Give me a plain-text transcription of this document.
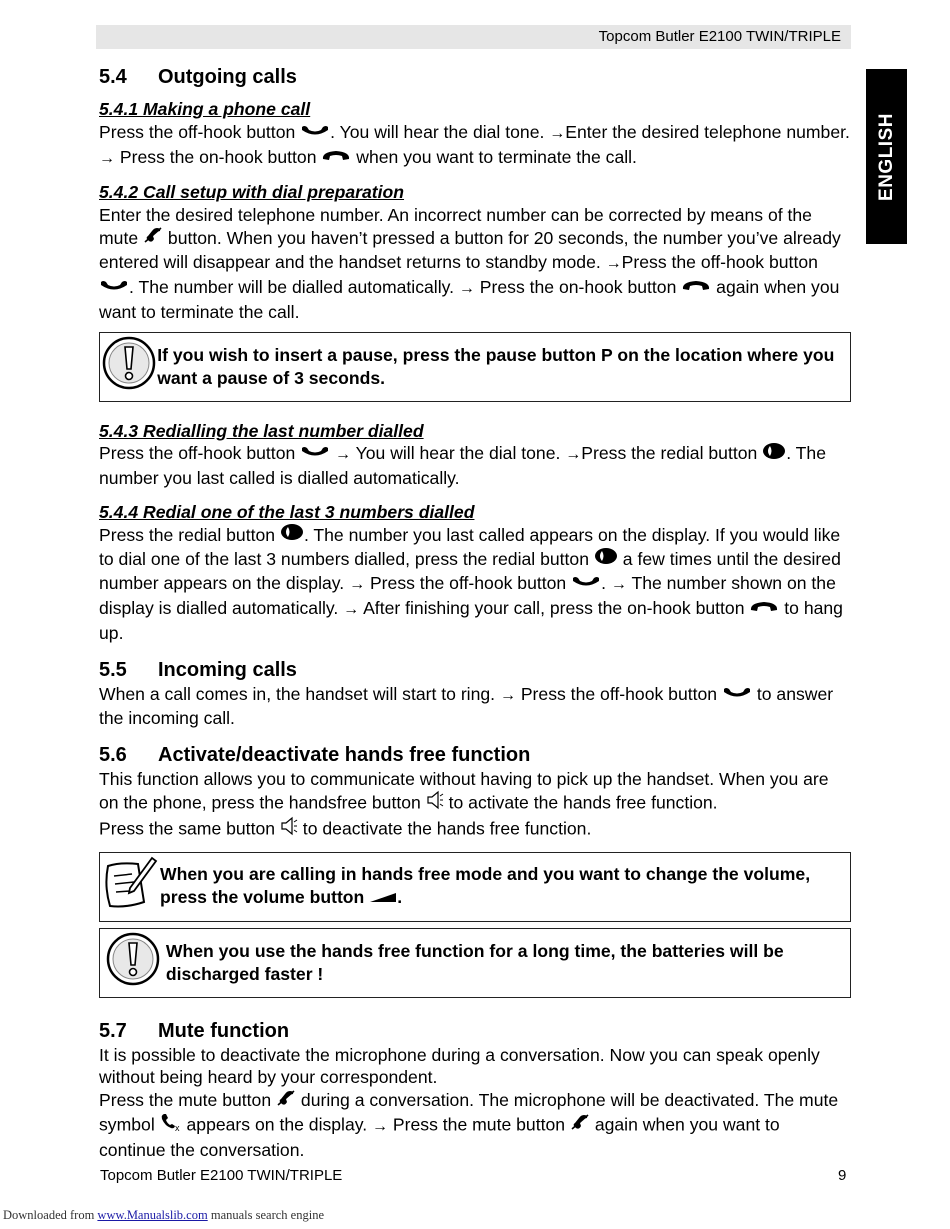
Topcom Butler E2100 TWIN/TRIPLE
ENGLISH
5.4	Outgoing calls
5.4.1 Making a phone call

Press the off-hook button . You will hear the dial tone. →Enter the desired telephone number. → Press the on-hook button  when you want to terminate the call.

5.4.2 Call setup with dial preparation

Enter the desired telephone number. An incorrect number can be corrected by means of the mute  button. When you haven’t pressed a button for 20 seconds, the number you’ve already entered will disappear and the handset returns to standby mode. →Press the off-hook button . The number will be dialled automatically. → Press the on-hook button  again when you want to terminate the call.

If you wish to insert a pause, press the pause button P on the location where you want a pause of 3 seconds.
5.4.3 Redialling the last number dialled

Press the off-hook button  → You will hear the dial tone. →Press the redial button . The number you last called is dialled automatically.

5.4.4 Redial one of the last 3 numbers dialled

Press the redial button . The number you last called appears on the display. If you would like to dial one of the last 3 numbers dialled, press the redial button  a few times until the desired number appears on the display. → Press the off-hook button . → The number shown on the display is dialled automatically. → After finishing your call, press the on-hook button  to hang up.

5.5	Incoming calls

When a call comes in, the handset will start to ring. → Press the off-hook button  to answer the incoming call.

5.6	Activate/deactivate hands free function

This function allows you to communicate without having to pick up the handset. When you are on the phone, press the handsfree button  to activate the hands free function.
Press the same button  to deactivate the hands free function.

When you are calling in hands free mode and you want to change the volume, press the volume button .
When you use the hands free function for a long time, the batteries will be discharged faster !
5.7	Mute function

It is possible to deactivate the microphone during a conversation. Now you can speak openly without being heard by your correspondent.

Press the mute button  during a conversation. The microphone will be deactivated. The mute symbol x appears on the display. → Press the mute button  again when you want to continue the conversation.

Topcom Butler E2100 TWIN/TRIPLE	9
Downloaded from www.Manualslib.com manuals search engine
